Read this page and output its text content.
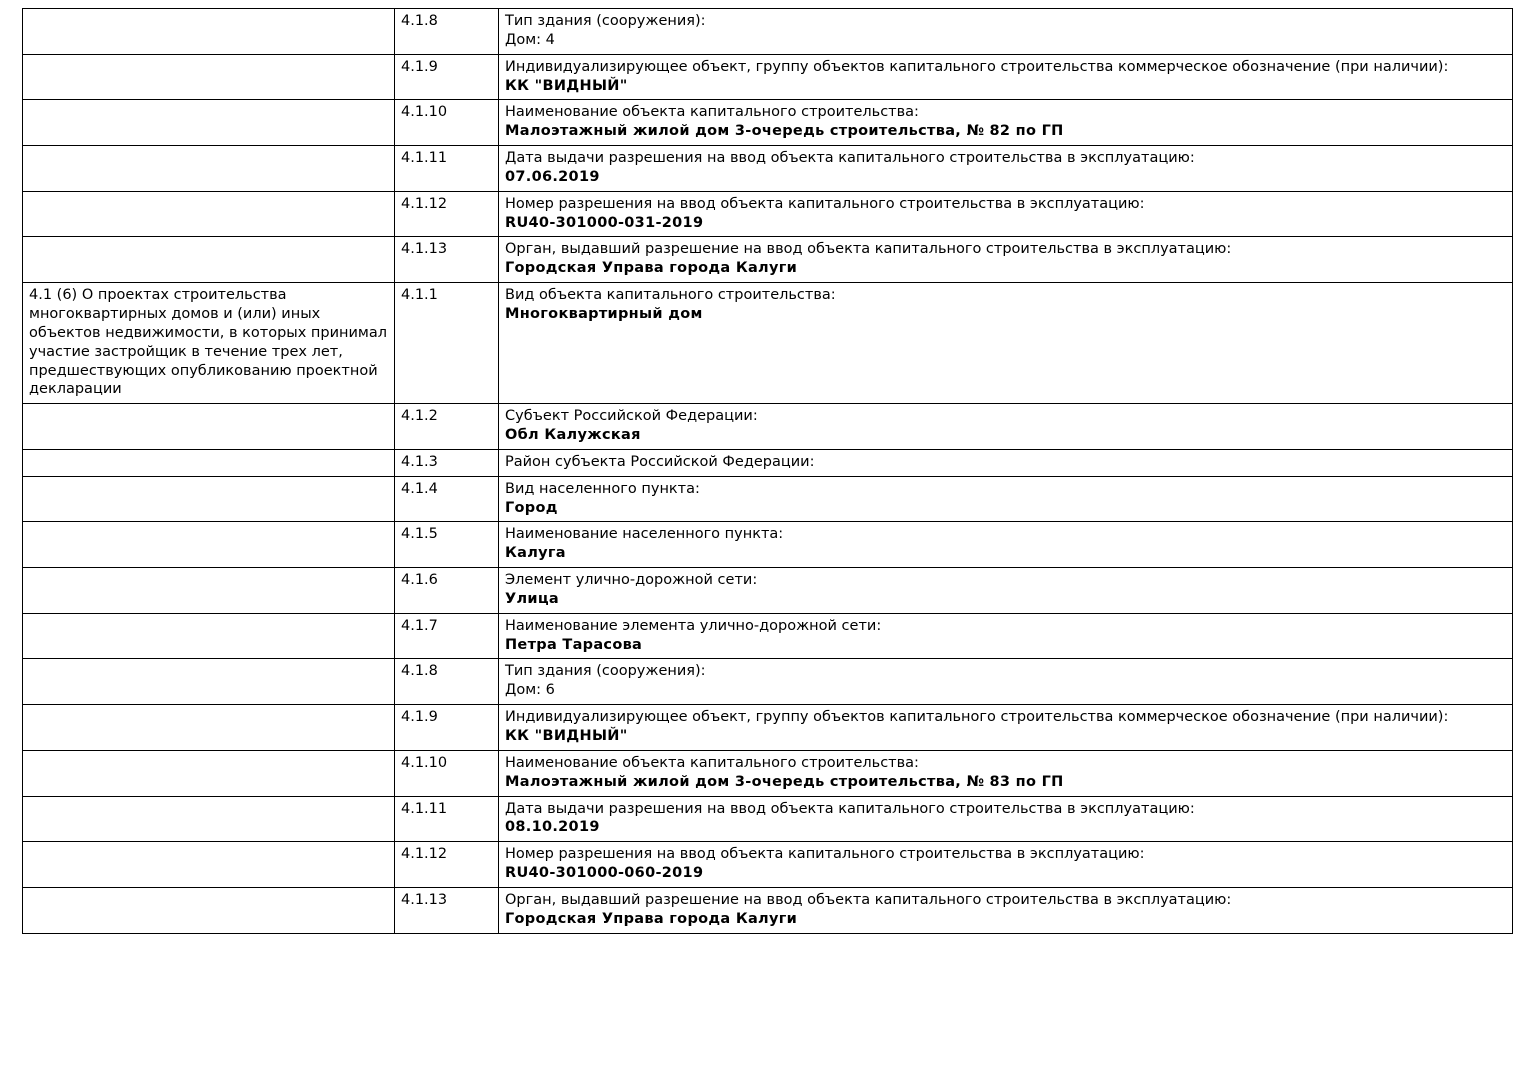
	4.1.8	Тип здания (сооружения):
Дом: 4

	4.1.9	Индивидуализирующее объект, группу объектов капитального строительства коммерческое обозначение (при наличии):
КК "ВИДНЫЙ"

	4.1.10	Наименование объекта капитального строительства:
Малоэтажный жилой дом 3-очередь строительства, № 82 по ГП

	4.1.11	Дата выдачи разрешения на ввод объекта капитального строительства в эксплуатацию:
07.06.2019

	4.1.12	Номер разрешения на ввод объекта капитального строительства в эксплуатацию:
RU40-301000-031-2019

	4.1.13	Орган, выдавший разрешение на ввод объекта капитального строительства в эксплуатацию:
Городская Управа города Калуги

4.1 (6) О проектах строительства многоквартирных домов и (или) иных объектов недвижимости, в которых принимал участие застройщик в течение трех лет, предшествующих опубликованию проектной декларации	4.1.1	Вид объекта капитального строительства:
Многоквартирный дом

	4.1.2	Субъект Российской Федерации:
Обл Калужская

	4.1.3	Район субъекта Российской Федерации:

	4.1.4	Вид населенного пункта:
Город

	4.1.5	Наименование населенного пункта:
Калуга

	4.1.6	Элемент улично-дорожной сети:
Улица

	4.1.7	Наименование элемента улично-дорожной сети:
Петра Тарасова

	4.1.8	Тип здания (сооружения):
Дом: 6

	4.1.9	Индивидуализирующее объект, группу объектов капитального строительства коммерческое обозначение (при наличии):
КК "ВИДНЫЙ"

	4.1.10	Наименование объекта капитального строительства:
Малоэтажный жилой дом 3-очередь строительства, № 83 по ГП

	4.1.11	Дата выдачи разрешения на ввод объекта капитального строительства в эксплуатацию:
08.10.2019

	4.1.12	Номер разрешения на ввод объекта капитального строительства в эксплуатацию:
RU40-301000-060-2019

	4.1.13	Орган, выдавший разрешение на ввод объекта капитального строительства в эксплуатацию:
Городская Управа города Калуги
